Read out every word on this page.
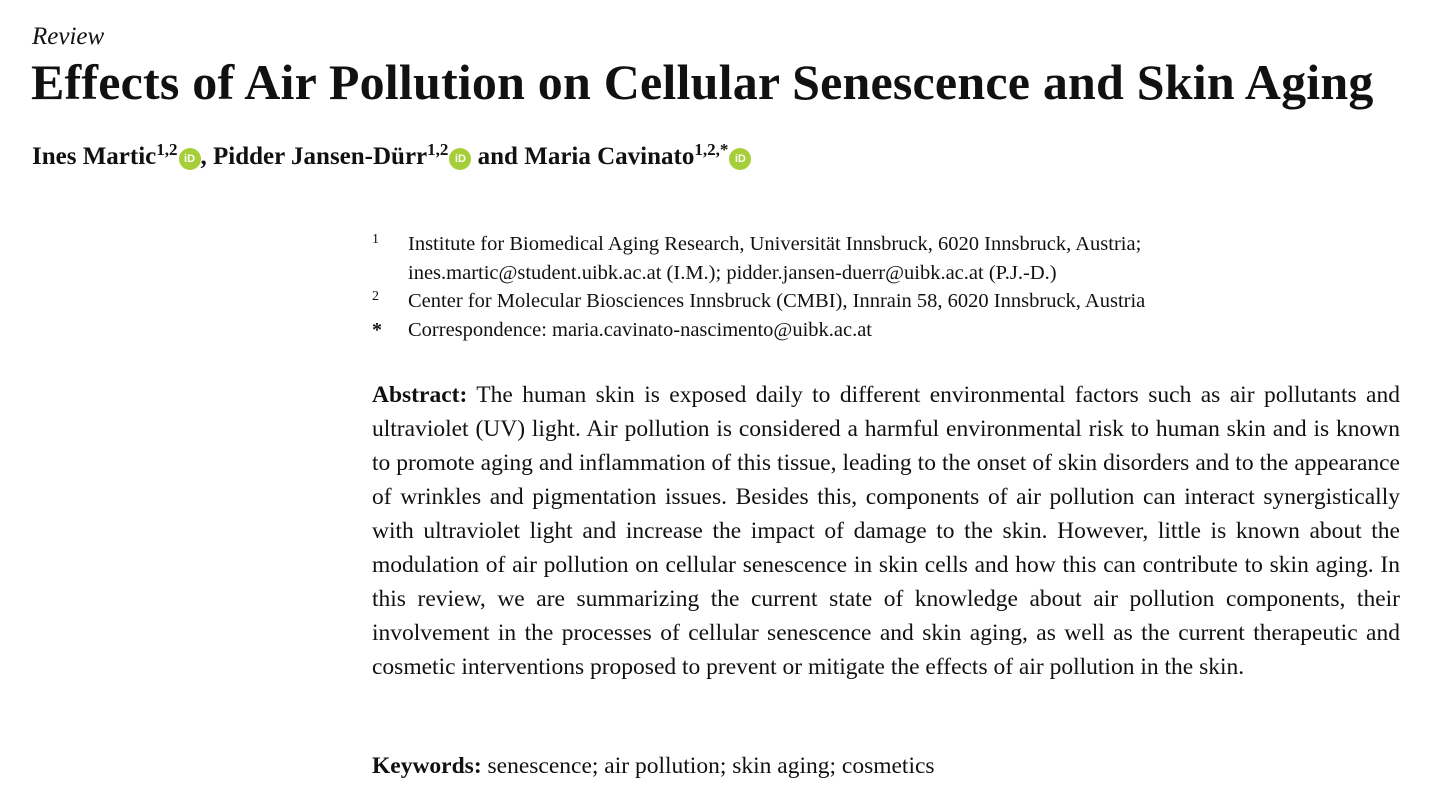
Review
Effects of Air Pollution on Cellular Senescence and Skin Aging
Ines Martic$^{1,2}$ iD , Pidder Jansen-Dürr$^{1,2}$ iD and Maria Cavinato$^{1,2,*}$ iD
1	Institute for Biomedical Aging Research, Universität Innsbruck, 6020 Innsbruck, Austria;
ines.martic@student.uibk.ac.at (I.M.); pidder.jansen-duerr@uibk.ac.at (P.J.-D.)
2	Center for Molecular Biosciences Innsbruck (CMBI), Innrain 58, 6020 Innsbruck, Austria
*	Correspondence: maria.cavinato-nascimento@uibk.ac.at

Abstract: The human skin is exposed daily to different environmental factors such as air pollutants and ultraviolet (UV) light. Air pollution is considered a harmful environmental risk to human skin and is known to promote aging and inflammation of this tissue, leading to the onset of skin disorders and to the appearance of wrinkles and pigmentation issues. Besides this, components of air pollution can interact synergistically with ultraviolet light and increase the impact of damage to the skin. However, little is known about the modulation of air pollution on cellular senescence in skin cells and how this can contribute to skin aging. In this review, we are summarizing the current state of knowledge about air pollution components, their involvement in the processes of cellular senescence and skin aging, as well as the current therapeutic and cosmetic interventions proposed to prevent or mitigate the effects of air pollution in the skin.

Keywords: senescence; air pollution; skin aging; cosmetics
